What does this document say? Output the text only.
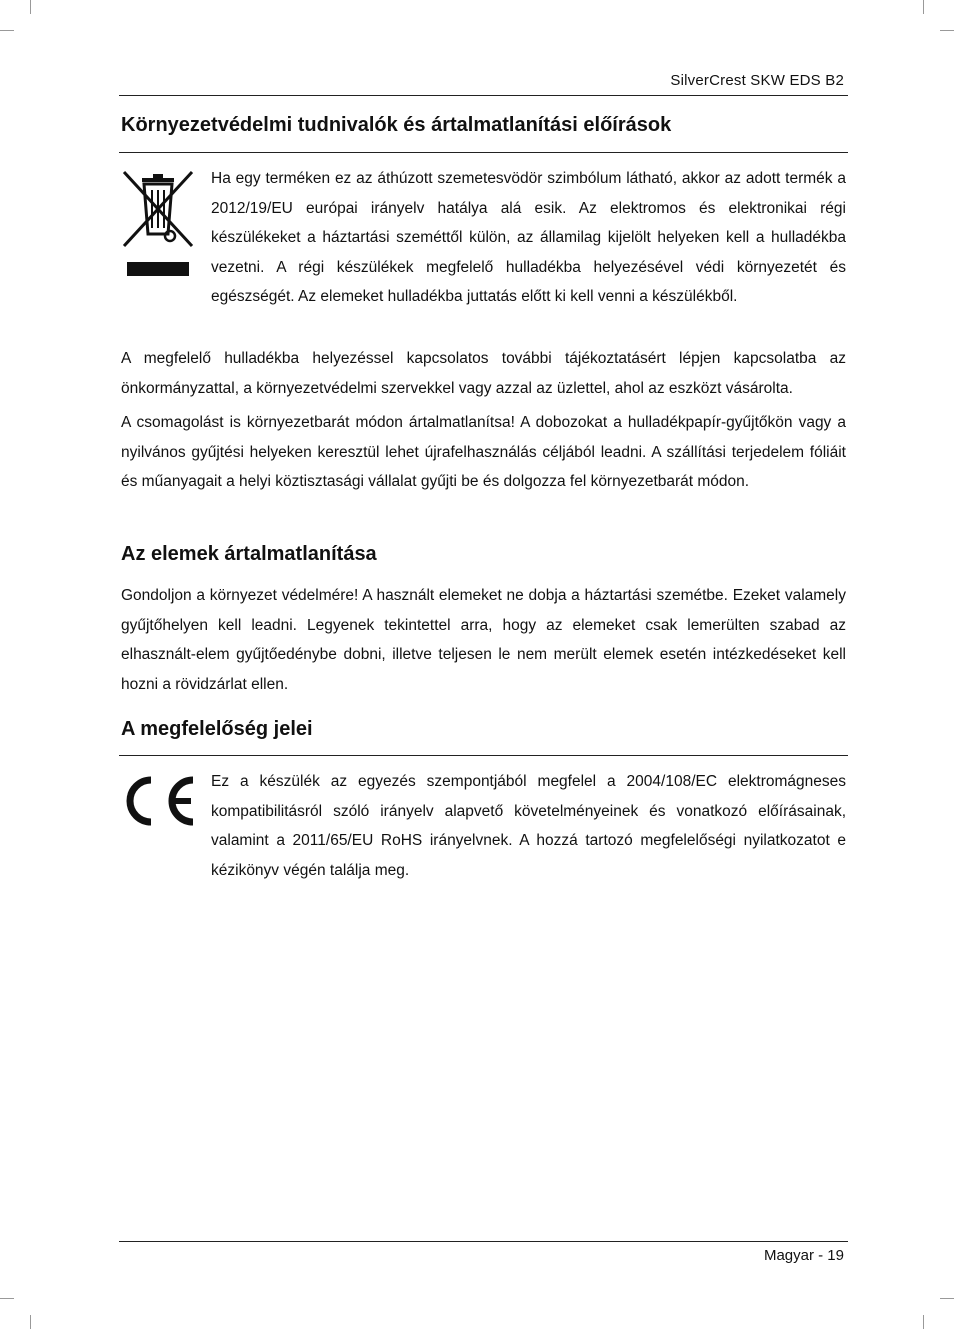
SilverCrest SKW EDS B2
Környezetvédelmi tudnivalók és ártalmatlanítási előírások

Ha egy terméken ez az áthúzott szemetesvödör szimbólum látható, akkor az adott termék a 2012/19/EU európai irányelv hatálya alá esik. Az elektromos és elektronikai régi készülékeket a háztartási szeméttől külön, az államilag kijelölt helyeken kell a hulladékba vezetni. A régi készülékek megfelelő hulladékba helyezésével védi környezetét és egészségét. Az elemeket hulladékba juttatás előtt ki kell venni a készülékből.

A megfelelő hulladékba helyezéssel kapcsolatos további tájékoztatásért lépjen kapcsolatba az önkormányzattal, a környezetvédelmi szervekkel vagy azzal az üzlettel, ahol az eszközt vásárolta.

A csomagolást is környezetbarát módon ártalmatlanítsa! A dobozokat a hulladékpapír-gyűjtőkön vagy a nyilvános gyűjtési helyeken keresztül lehet újrafelhasználás céljából leadni. A szállítási terjedelem fóliáit és műanyagait a helyi köztisztasági vállalat gyűjti be és dolgozza fel környezetbarát módon.

Az elemek ártalmatlanítása

Gondoljon a környezet védelmére! A használt elemeket ne dobja a háztartási szemétbe. Ezeket valamely gyűjtőhelyen kell leadni. Legyenek tekintettel arra, hogy az elemeket csak lemerülten szabad az elhasznált-elem gyűjtőedénybe dobni, illetve teljesen le nem merült elemek esetén intézkedéseket kell hozni a rövidzárlat ellen.

A megfelelőség jelei

Ez a készülék az egyezés szempontjából megfelel a 2004/108/EC elektromágneses kompatibilitásról szóló irányelv alapvető követelményeinek és vonatkozó előírásainak, valamint a 2011/65/EU RoHS irányelvnek. A hozzá tartozó megfelelőségi nyilatkozatot e kézikönyv végén találja meg.

Magyar - 19
